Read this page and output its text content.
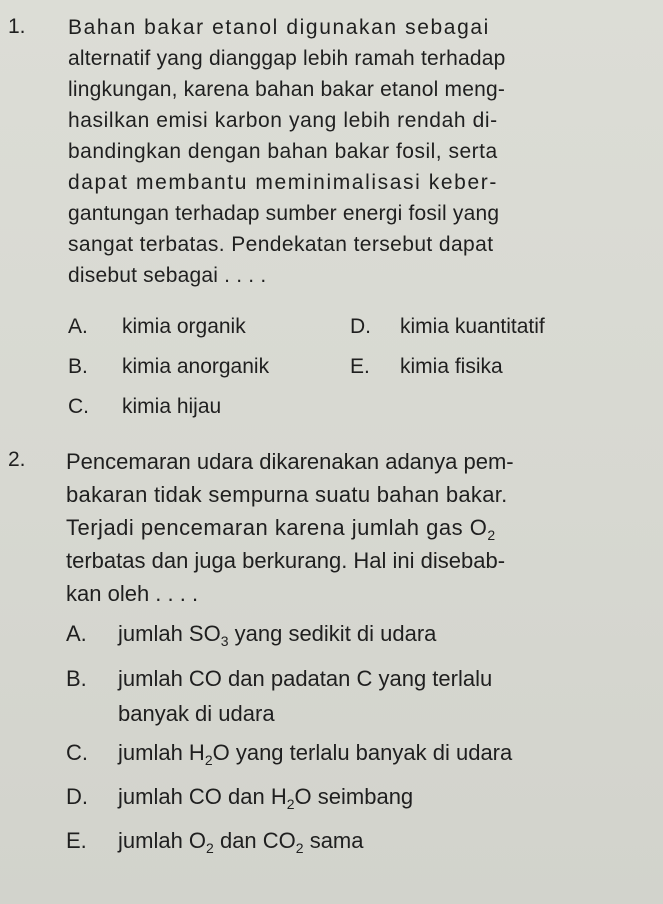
1. Bahan bakar etanol digunakan sebagai
alternatif yang dianggap lebih ramah terhadap
lingkungan, karena bahan bakar etanol meng-
hasilkan emisi karbon yang lebih rendah di-
bandingkan dengan bahan bakar fosil, serta
dapat membantu meminimalisasi keber-
gantungan terhadap sumber energi fosil yang
sangat terbatas. Pendekatan tersebut dapat
disebut sebagai . . . .
A. kimia organik	D. kimia kuantitatif
B. kimia anorganik	E. kimia fisika
C. kimia hijau
2. Pencemaran udara dikarenakan adanya pem-
bakaran tidak sempurna suatu bahan bakar.
Terjadi pencemaran karena jumlah gas $O_2$
terbatas dan juga berkurang. Hal ini disebab-
kan oleh . . . .
A. jumlah $SO_3$ yang sedikit di udara
B. jumlah CO dan padatan C yang terlalu
banyak di udara
C. jumlah $H_2O$ yang terlalu banyak di udara
D. jumlah CO dan $H_2O$ seimbang
E. jumlah $O_2$ dan $CO_2$ sama
